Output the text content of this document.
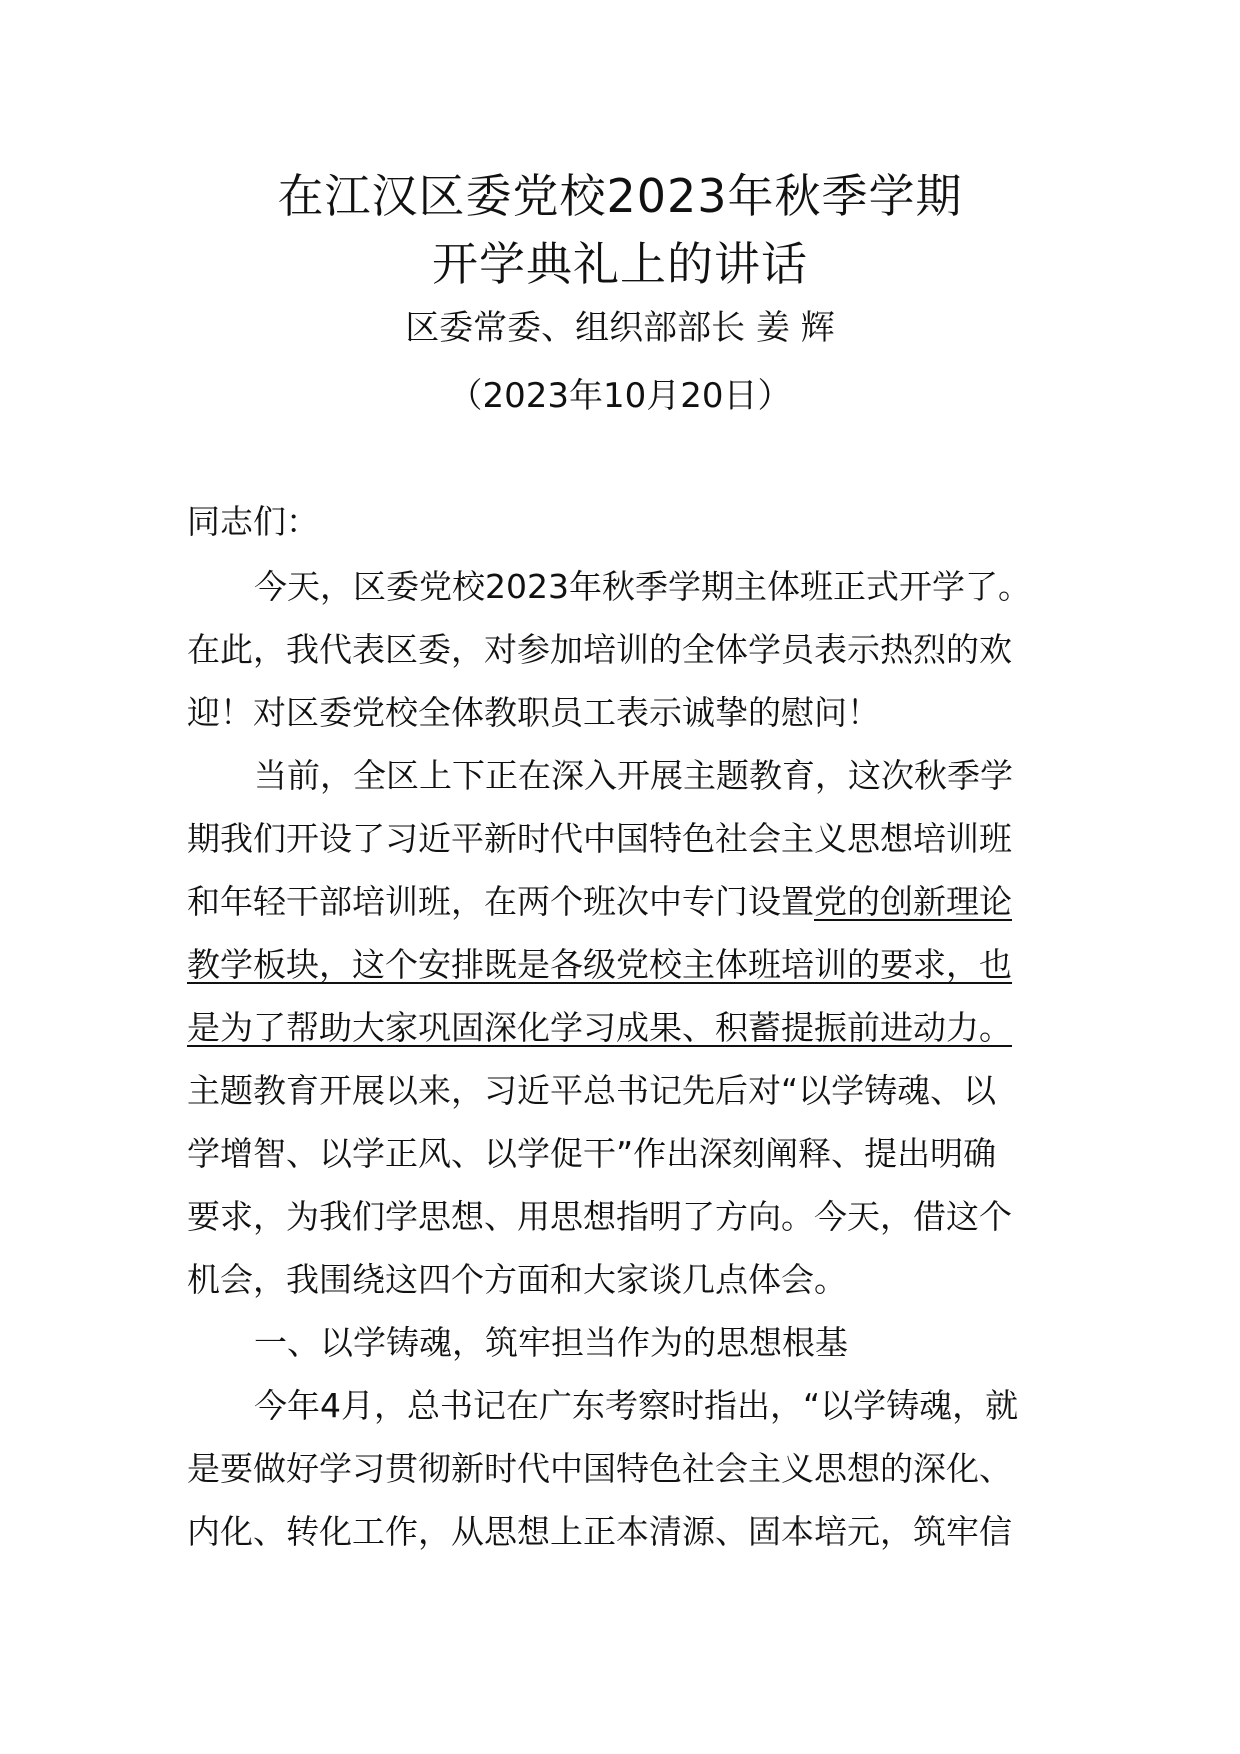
在江汉区委党校2023年秋季学期
开学典礼上的讲话
区委常委、组织部部长 姜 辉
（2023年10月20日）
同志们：
今天，区委党校2023年秋季学期主体班正式开学了。
在此，我代表区委，对参加培训的全体学员表示热烈的欢
迎！对区委党校全体教职员工表示诚挚的慰问！
当前，全区上下正在深入开展主题教育，这次秋季学
期我们开设了习近平新时代中国特色社会主义思想培训班
和年轻干部培训班，在两个班次中专门设置党的创新理论
教学板块，这个安排既是各级党校主体班培训的要求，也
是为了帮助大家巩固深化学习成果、积蓄提振前进动力。
主题教育开展以来，习近平总书记先后对“以学铸魂、以
学增智、以学正风、以学促干”作出深刻阐释、提出明确
要求，为我们学思想、用思想指明了方向。今天，借这个
机会，我围绕这四个方面和大家谈几点体会。
一、以学铸魂，筑牢担当作为的思想根基
今年4月，总书记在广东考察时指出，“以学铸魂，就
是要做好学习贯彻新时代中国特色社会主义思想的深化、
内化、转化工作，从思想上正本清源、固本培元，筑牢信
